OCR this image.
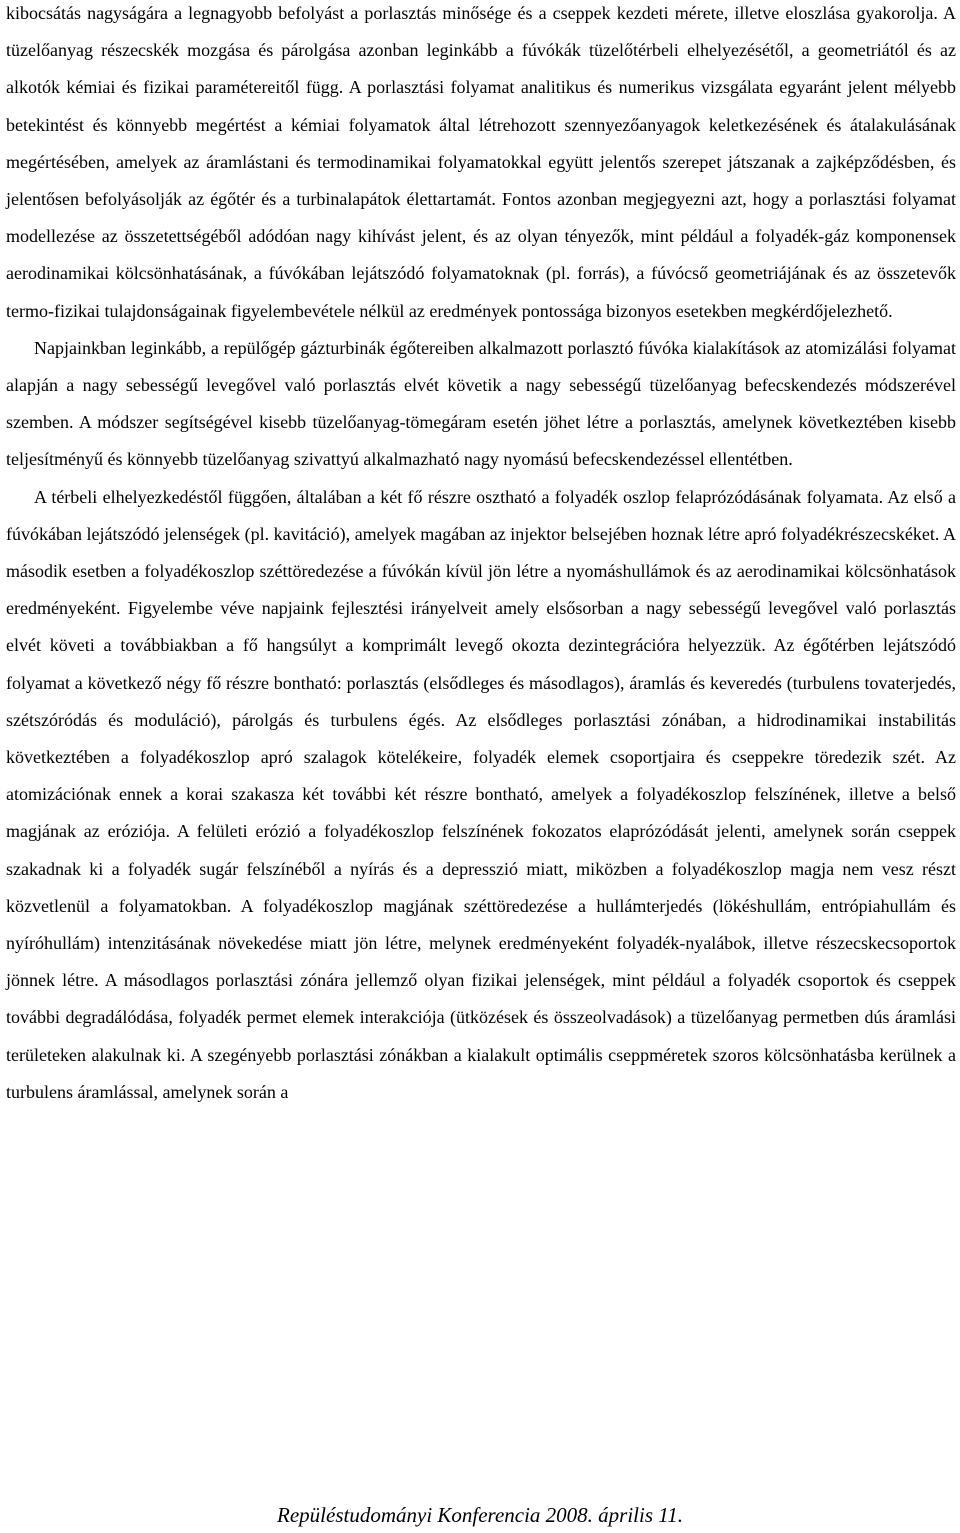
kibocsátás nagyságára a legnagyobb befolyást a porlasztás minősége és a cseppek kezdeti mérete, illetve eloszlása gyakorolja. A tüzelőanyag részecskék mozgása és párolgása azonban leginkább a fúvókák tüzelőtérbeli elhelyezésétől, a geometriától és az alkotók kémiai és fizikai paramétereitől függ. A porlasztási folyamat analitikus és numerikus vizsgálata egyaránt jelent mélyebb betekintést és könnyebb megértést a kémiai folyamatok által létrehozott szennyezőanyagok keletkezésének és átalakulásának megértésében, amelyek az áramlástani és termodinamikai folyamatokkal együtt jelentős szerepet játszanak a zajképződésben, és jelentősen befolyásolják az égőtér és a turbinalapátok élettartamát. Fontos azonban megjegyezni azt, hogy a porlasztási folyamat modellezése az összetettségéből adódóan nagy kihívást jelent, és az olyan tényezők, mint például a folyadék-gáz komponensek aerodinamikai kölcsönhatásának, a fúvókában lejátszódó folyamatoknak (pl. forrás), a fúvócső geometriájának és az összetevők termo-fizikai tulajdonságainak figyelembevétele nélkül az eredmények pontossága bizonyos esetekben megkérdőjelezhető.

Napjainkban leginkább, a repülőgép gázturbinák égőtereiben alkalmazott porlasztó fúvóka kialakítások az atomizálási folyamat alapján a nagy sebességű levegővel való porlasztás elvét követik a nagy sebességű tüzelőanyag befecskendezés módszerével szemben. A módszer segítségével kisebb tüzelőanyag-tömegáram esetén jöhet létre a porlasztás, amelynek következtében kisebb teljesítményű és könnyebb tüzelőanyag szivattyú alkalmazható nagy nyomású befecskendezéssel ellentétben.

A térbeli elhelyezkedéstől függően, általában a két fő részre osztható a folyadék oszlop felaprózódásának folyamata. Az első a fúvókában lejátszódó jelenségek (pl. kavitáció), amelyek magában az injektor belsejében hoznak létre apró folyadékrészecskéket. A második esetben a folyadékoszlop széttöredezése a fúvókán kívül jön létre a nyomáshullámok és az aerodinamikai kölcsönhatások eredményeként. Figyelembe véve napjaink fejlesztési irányelveit amely elsősorban a nagy sebességű levegővel való porlasztás elvét követi a továbbiakban a fő hangsúlyt a komprimált levegő okozta dezintegrációra helyezzük. Az égőtérben lejátszódó folyamat a következő négy fő részre bontható: porlasztás (elsődleges és másodlagos), áramlás és keveredés (turbulens tovaterjedés, szétszóródás és moduláció), párolgás és turbulens égés. Az elsődleges porlasztási zónában, a hidrodinamikai instabilitás következtében a folyadékoszlop apró szalagok kötelékeire, folyadék elemek csoportjaira és cseppekre töredezik szét. Az atomizációnak ennek a korai szakasza két további két részre bontható, amelyek a folyadékoszlop felszínének, illetve a belső magjának az eróziója. A felületi erózió a folyadékoszlop felszínének fokozatos elaprózódását jelenti, amelynek során cseppek szakadnak ki a folyadék sugár felszínéből a nyírás és a depresszió miatt, miközben a folyadékoszlop magja nem vesz részt közvetlenül a folyamatokban. A folyadékoszlop magjának széttöredezése a hullámterjedés (lökéshullám, entrópiahullám és nyíróhullám) intenzitásának növekedése miatt jön létre, melynek eredményeként folyadék-nyalábok, illetve részecskecsoportok jönnek létre. A másodlagos porlasztási zónára jellemző olyan fizikai jelenségek, mint például a folyadék csoportok és cseppek további degradálódása, folyadék permet elemek interakciója (ütközések és összeolvadások) a tüzelőanyag permetben dús áramlási területeken alakulnak ki. A szegényebb porlasztási zónákban a kialakult optimális cseppméretek szoros kölcsönhatásba kerülnek a turbulens áramlással, amelynek során a

Repüléstudományi Konferencia 2008. április 11.
